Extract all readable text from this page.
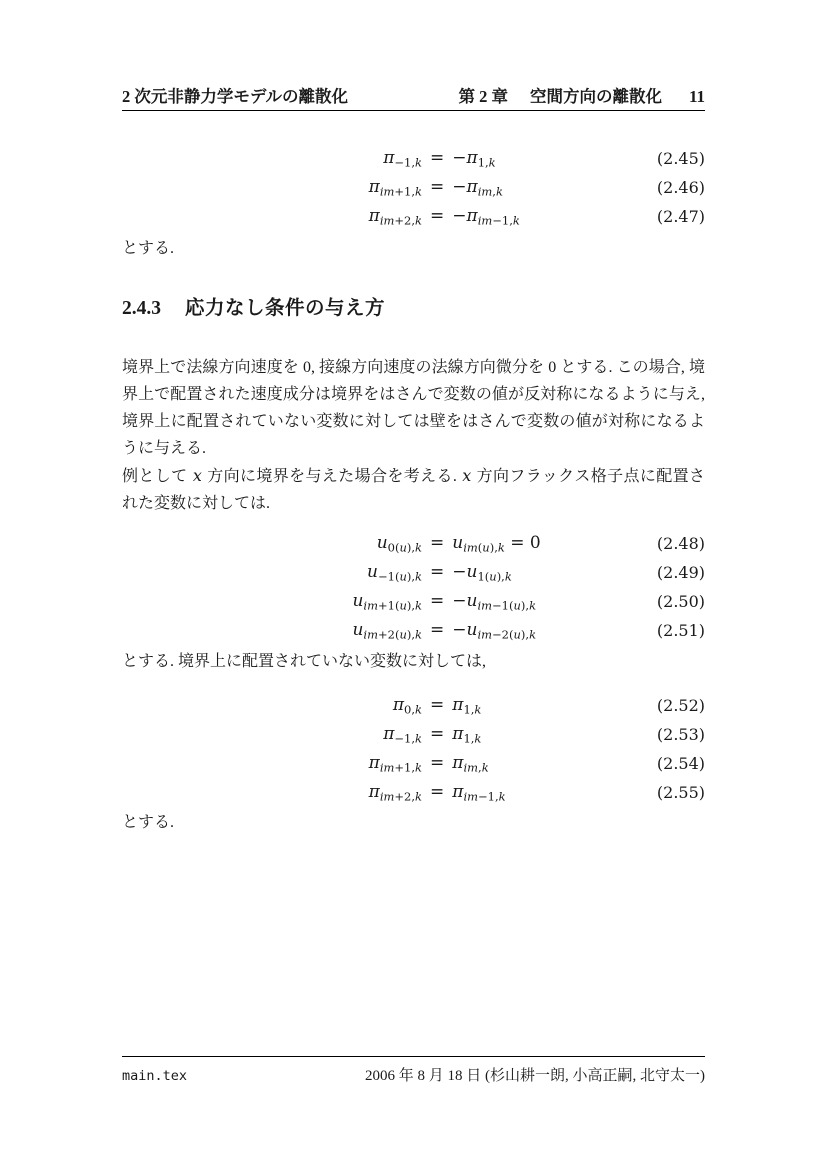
2 次元非静力学モデルの離散化	第 2 章 空間方向の離散化 11
$\pi_{-1,k} = -\pi_{1,k}$	(2.45)
$\pi_{im+1,k} = -\pi_{im,k}$	(2.46)
$\pi_{im+2,k} = -\pi_{im-1,k}$	(2.47)

とする.

2.4.3 応力なし条件の与え方

境界上で法線方向速度を 0, 接線方向速度の法線方向微分を 0 とする. この場合, 境界上で配置された速度成分は境界をはさんで変数の値が反対称になるように与え, 境界上に配置されていない変数に対しては壁をはさんで変数の値が対称になるように与える.

例として x 方向に境界を与えた場合を考える. x 方向フラックス格子点に配置された変数に対しては.

$u_{0(u),k} = u_{im(u),k} = 0$	(2.48)
$u_{-1(u),k} = -u_{1(u),k}$	(2.49)
$u_{im+1(u),k} = -u_{im-1(u),k}$	(2.50)
$u_{im+2(u),k} = -u_{im-2(u),k}$	(2.51)

とする. 境界上に配置されていない変数に対しては,

$\pi_{0,k} = \pi_{1,k}$	(2.52)
$\pi_{-1,k} = \pi_{1,k}$	(2.53)
$\pi_{im+1,k} = \pi_{im,k}$	(2.54)
$\pi_{im+2,k} = \pi_{im-1,k}$	(2.55)

とする.

main.tex	2006 年 8 月 18 日 (杉山耕一朗, 小高正嗣, 北守太一)
